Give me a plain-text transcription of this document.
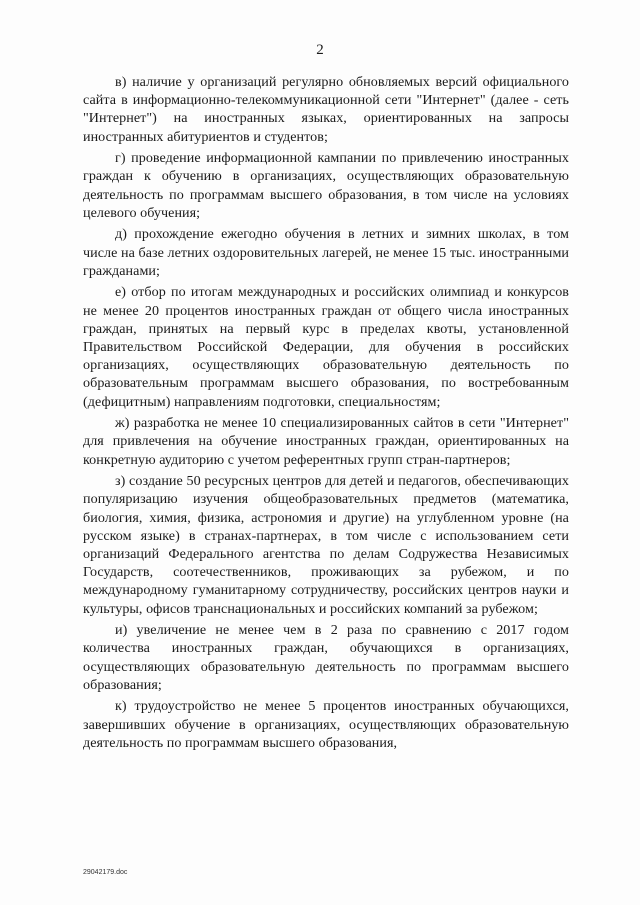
2

в) наличие у организаций регулярно обновляемых версий официального сайта в информационно-телекоммуникационной сети "Интернет" (далее - сеть "Интернет") на иностранных языках, ориентированных на запросы иностранных абитуриентов и студентов;

г) проведение информационной кампании по привлечению иностранных граждан к обучению в организациях, осуществляющих образовательную деятельность по программам высшего образования, в том числе на условиях целевого обучения;

д) прохождение ежегодно обучения в летних и зимних школах, в том числе на базе летних оздоровительных лагерей, не менее 15 тыс. иностранными гражданами;

е) отбор по итогам международных и российских олимпиад и конкурсов не менее 20 процентов иностранных граждан от общего числа иностранных граждан, принятых на первый курс в пределах квоты, установленной Правительством Российской Федерации, для обучения в российских организациях, осуществляющих образовательную деятельность по образовательным программам высшего образования, по востребованным (дефицитным) направлениям подготовки, специальностям;

ж) разработка не менее 10 специализированных сайтов в сети "Интернет" для привлечения на обучение иностранных граждан, ориентированных на конкретную аудиторию с учетом референтных групп стран-партнеров;

з) создание 50 ресурсных центров для детей и педагогов, обеспечивающих популяризацию изучения общеобразовательных предметов (математика, биология, химия, физика, астрономия и другие) на углубленном уровне (на русском языке) в странах-партнерах, в том числе с использованием сети организаций Федерального агентства по делам Содружества Независимых Государств, соотечественников, проживающих за рубежом, и по международному гуманитарному сотрудничеству, российских центров науки и культуры, офисов транснациональных и российских компаний за рубежом;

и) увеличение не менее чем в 2 раза по сравнению с 2017 годом количества иностранных граждан, обучающихся в организациях, осуществляющих образовательную деятельность по программам высшего образования;

к) трудоустройство не менее 5 процентов иностранных обучающихся, завершивших обучение в организациях, осуществляющих образовательную деятельность по программам высшего образования,

29042179.doc
